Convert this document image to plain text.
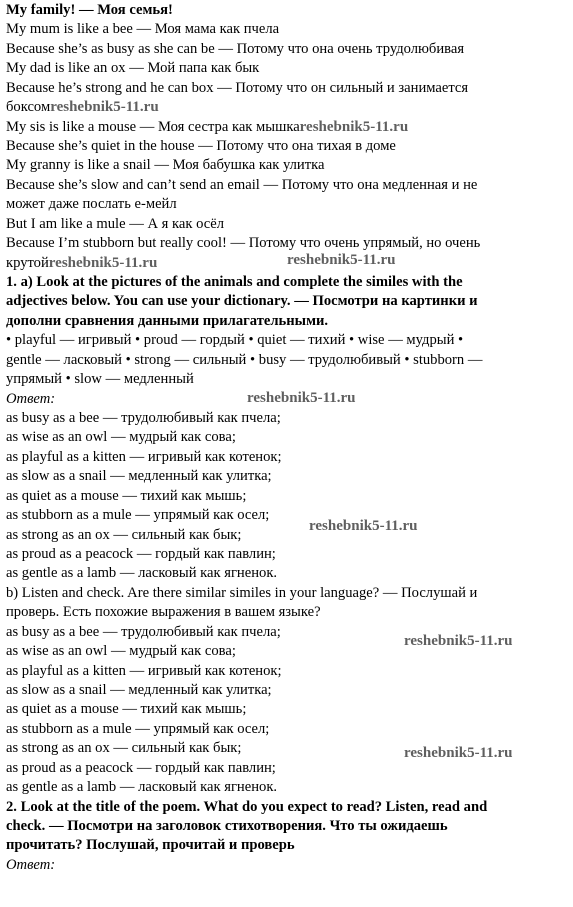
My family! — Моя семья!
My mum is like a bee — Моя мама как пчела
Because she’s as busy as she can be — Потому что она очень трудолюбивая
My dad is like an ox — Мой папа как бык
Because he’s strong and he can box — Потому что он сильный и занимается
боксомreshebnik5-11.ru
My sis is like a mouse — Моя сестра как мышкаreshebnik5-11.ru
Because she’s quiet in the house — Потому что она тихая в доме
My granny is like a snail — Моя бабушка как улитка
Because she’s slow and can’t send an email — Потому что она медленная и не
может даже послать е-мейл
But I am like a mule — А я как осёл
Because I’m stubborn but really cool! — Потому что очень упрямый, но очень
крутойreshebnik5-11.ru
1. a) Look at the pictures of the animals and complete the similes with the
adjectives below. You can use your dictionary. — Посмотри на картинки и
дополни сравнения данными прилагательными.
• playful — игривый • proud — гордый • quiet — тихий • wise — мудрый •
gentle — ласковый • strong — сильный • busy — трудолюбивый • stubborn —
упрямый • slow — медленный
Ответ:
as busy as a bee — трудолюбивый как пчела;
as wise as an owl — мудрый как сова;
as playful as a kitten — игривый как котенок;
as slow as a snail — медленный как улитка;
as quiet as a mouse — тихий как мышь;
as stubborn as a mule — упрямый как осел;
as strong as an ox — сильный как бык;
as proud as a peacock — гордый как павлин;
as gentle as a lamb — ласковый как ягненок.
b) Listen and check. Are there similar similes in your language? — Послушай и
проверь. Есть похожие выражения в вашем языке?
as busy as a bee — трудолюбивый как пчела;
as wise as an owl — мудрый как сова;
as playful as a kitten — игривый как котенок;
as slow as a snail — медленный как улитка;
as quiet as a mouse — тихий как мышь;
as stubborn as a mule — упрямый как осел;
as strong as an ox — сильный как бык;
as proud as a peacock — гордый как павлин;
as gentle as a lamb — ласковый как ягненок.
2. Look at the title of the poem. What do you expect to read? Listen, read and
check. — Посмотри на заголовок стихотворения. Что ты ожидаешь
прочитать? Послушай, прочитай и проверь
Ответ:
reshebnik5-11.ru
reshebnik5-11.ru
reshebnik5-11.ru
reshebnik5-11.ru
reshebnik5-11.ru
